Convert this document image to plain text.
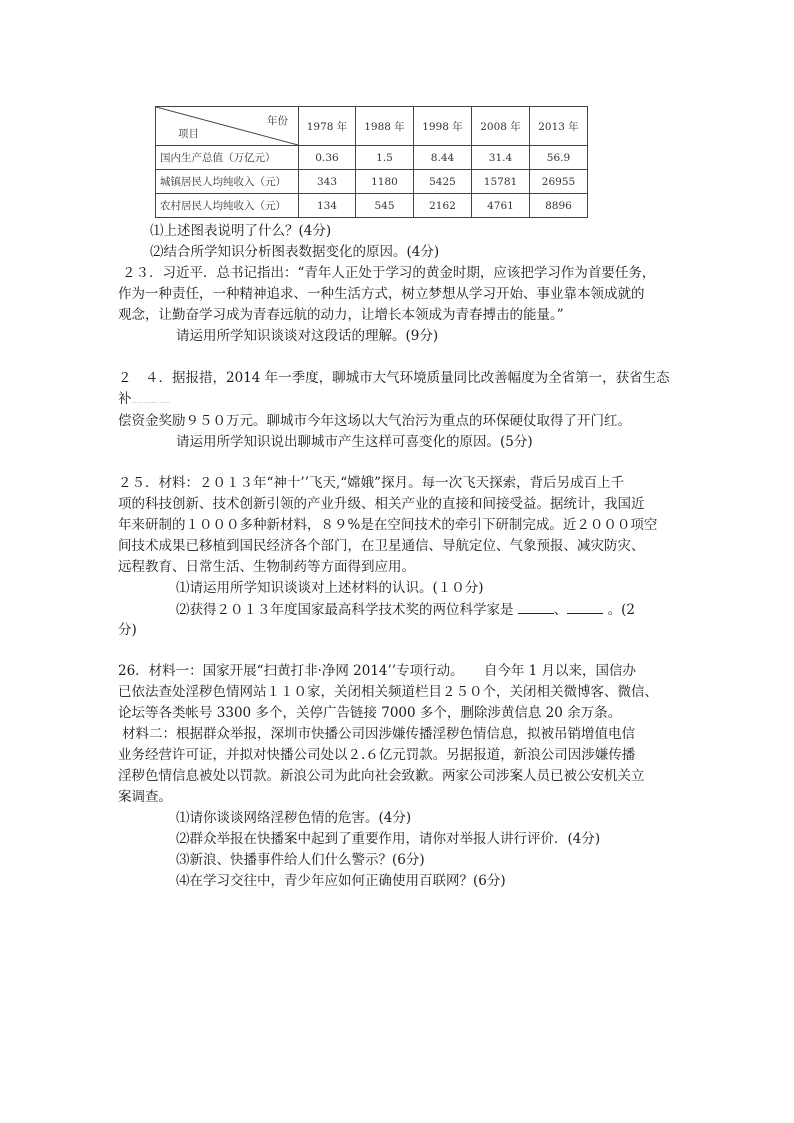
年份
项目	1978 年	1988 年	1998 年	2008 年	2013 年
国内生产总值（万亿元）	0.36	1.5	8.44	31.4	56.9
城镇居民人均纯收入（元）	343	1180	5425	15781	26955
农村居民人均纯收入（元）	134	545	2162	4761	8896
⑴上述图表说明了什么？(4分)
⑵结合所学知识分析图表数据变化的原因。(4分)
２３．习近平．总书记指出：“青年人正处于学习的黄金时期，应该把学习作为首要任务，
作为一种责任，一种精神追求、一种生活方式，树立梦想从学习开始、事业靠本领成就的
观念，让勤奋学习成为青春远航的动力，让增长本领成为青春搏击的能量。”
请运用所学知识谈谈对这段话的理解。(9分)
２　４．据报措，2014 年一季度，聊城市大气环境质量同比改善幅度为全省第一，获省生态
补…… ……… ……
偿资金奖励９５０万元。聊城市今年这场以大气治污为重点的环保硬仗取得了开门红。
请运用所学知识说出聊城市产生这样可喜变化的原因。(5分)
２５．材料：２０１３年“神十’’飞天,“嫦娥”探月。每一次飞天探索，背后另成百上千
项的科技创新、技术创新引领的产业升级、相关产业的直接和间接受益。据统计，我国近
年来研制的１０００多种新材料，８９%是在空间技术的牵引下研制完成。近２０００项空
间技术成果已移植到国民经济各个部门，在卫星通信、导航定位、气象预报、减灾防灾、
远程教育、日常生活、生物制药等方面得到应用。
⑴请运用所学知识谈谈对上述材料的认识。(１０分)
⑵获得２０１３年度国家最高科学技术奖的两位科学家是	、	。(2
分)
26．材料一：国家开展“扫黄打非·净网 2014’’专项行动。　　自今年 1 月以来，国信办
已依法查处淫秽色情网站１１０家，关闭相关频道栏目２５０个，关闭相关微博客、微信、
论坛等各类帐号 3300 多个，关停广告链接 7000 多个，删除涉黄信息 20 余万条。
材料二：根据群众举报，深圳市快播公司因涉嫌传播淫秽色情信息，拟被吊销增值电信
业务经营许可证，并拟对快播公司处以２.６亿元罚款。另据报道，新浪公司因涉嫌传播
淫秽色情信息被处以罚款。新浪公司为此向社会致歉。两家公司涉案人员已被公安机关立
案调查。
⑴请你谈谈网络淫秽色情的危害。(4分)
⑵群众举报在快播案中起到了重要作用，请你对举报人讲行评价．(4分)
⑶新浪、快播事件给人们什么警示？(6分)
⑷在学习交往中，青少年应如何正确使用百联网？(6分)
